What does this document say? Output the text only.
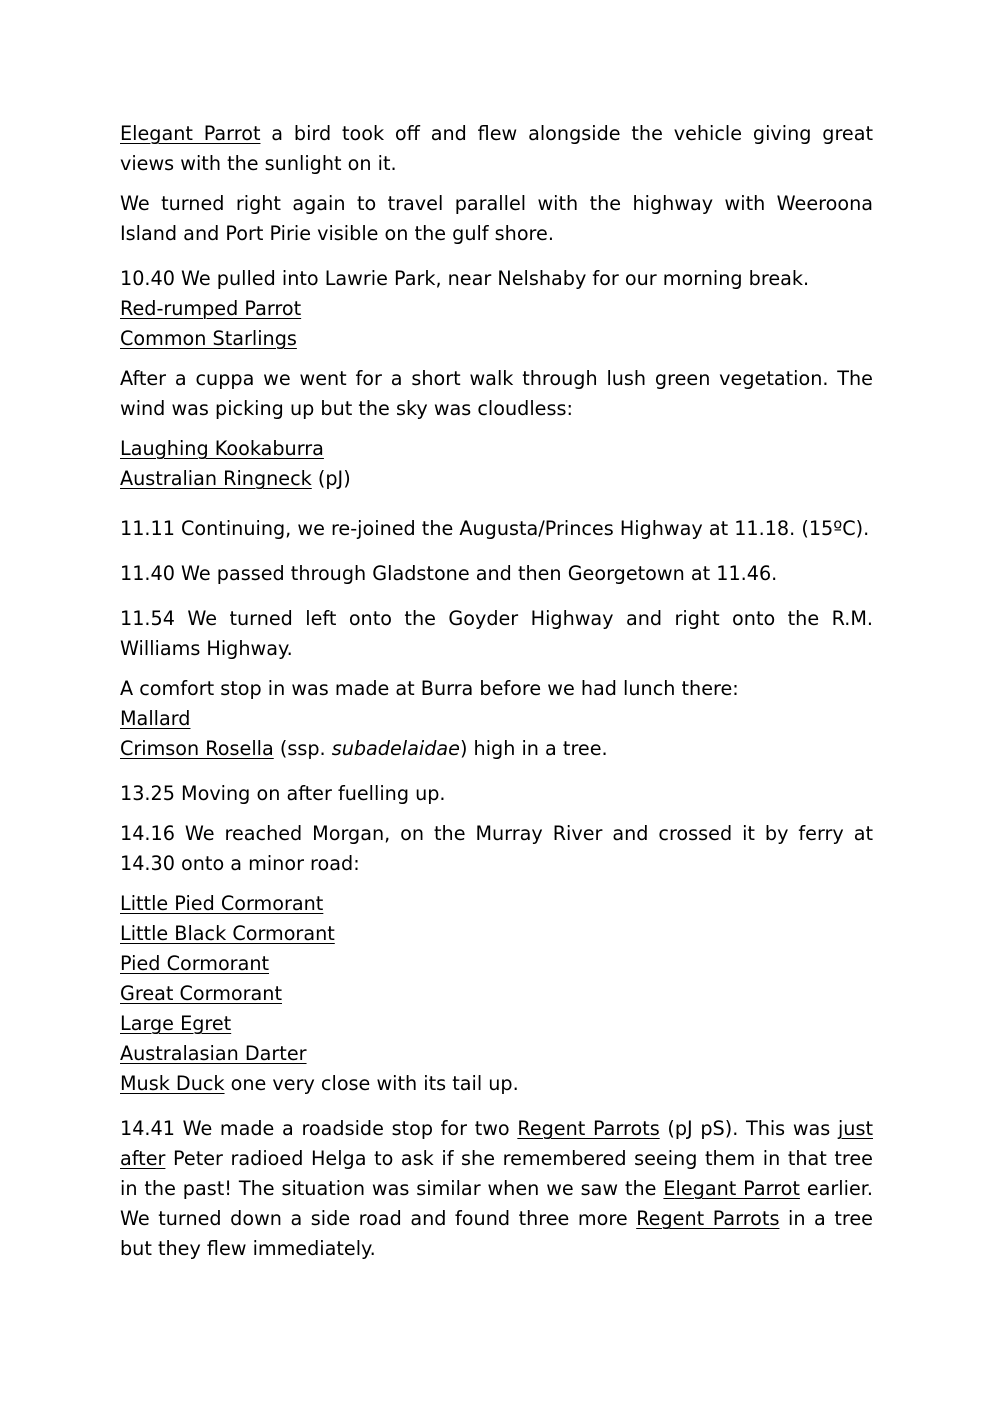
Elegant Parrot a bird took off and flew alongside the vehicle giving great views with the sunlight on it.

We turned right again to travel parallel with the highway with Weeroona Island and Port Pirie visible on the gulf shore.

10.40 We pulled into Lawrie Park, near Nelshaby for our morning break.

Red-rumped Parrot
Common Starlings

After a cuppa we went for a short walk through lush green vegetation. The wind was picking up but the sky was cloudless:

Laughing Kookaburra
Australian Ringneck (pJ)

11.11 Continuing, we re-joined the Augusta/Princes Highway at 11.18. (15ºC).

11.40 We passed through Gladstone and then Georgetown at 11.46.

11.54 We turned left onto the Goyder Highway and right onto the R.M. Williams Highway.

A comfort stop in was made at Burra before we had lunch there:

Mallard
Crimson Rosella (ssp. subadelaidae) high in a tree.

13.25 Moving on after fuelling up.

14.16 We reached Morgan, on the Murray River and crossed it by ferry at 14.30 onto a minor road:

Little Pied Cormorant
Little Black Cormorant
Pied Cormorant
Great Cormorant
Large Egret
Australasian Darter
Musk Duck one very close with its tail up.

14.41 We made a roadside stop for two Regent Parrots (pJ pS). This was just after Peter radioed Helga to ask if she remembered seeing them in that tree in the past! The situation was similar when we saw the Elegant Parrot earlier. We turned down a side road and found three more Regent Parrots in a tree but they flew immediately.
